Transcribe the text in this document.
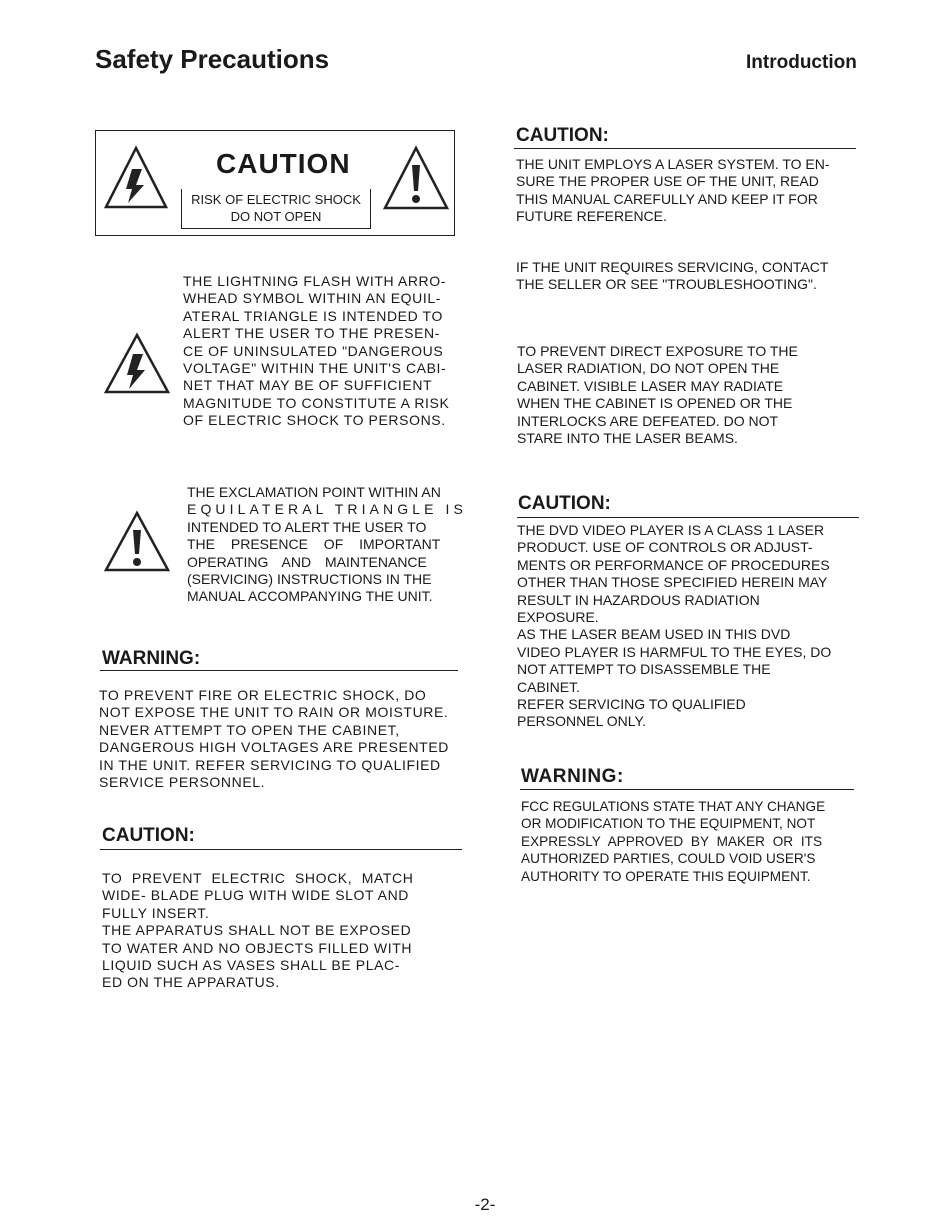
Safety Precautions	Introduction
CAUTION
RISK OF ELECTRIC SHOCK
DO NOT OPEN
THE LIGHTNING FLASH WITH ARRO-
WHEAD SYMBOL WITHIN AN EQUIL-
ATERAL TRIANGLE IS INTENDED TO
ALERT THE USER TO THE PRESEN-
CE OF UNINSULATED "DANGEROUS
VOLTAGE" WITHIN THE UNIT'S CABI-
NET THAT MAY BE OF SUFFICIENT
MAGNITUDE TO CONSTITUTE A RISK
OF ELECTRIC SHOCK TO PERSONS.
THE EXCLAMATION POINT WITHIN AN
EQUILATERAL TRIANGLE IS
INTENDED TO ALERT THE USER TO
THE PRESENCE OF IMPORTANT
OPERATING AND MAINTENANCE
(SERVICING) INSTRUCTIONS IN THE
MANUAL ACCOMPANYING THE UNIT.
WARNING:
TO PREVENT FIRE OR ELECTRIC SHOCK, DO
NOT EXPOSE THE UNIT TO RAIN OR MOISTURE.
NEVER ATTEMPT TO OPEN THE CABINET,
DANGEROUS HIGH VOLTAGES ARE PRESENTED
IN THE UNIT. REFER SERVICING TO QUALIFIED
SERVICE PERSONNEL.
CAUTION:
TO PREVENT ELECTRIC SHOCK, MATCH
WIDE- BLADE PLUG WITH WIDE SLOT AND
FULLY INSERT.
THE APPARATUS SHALL NOT BE EXPOSED
TO WATER AND NO OBJECTS FILLED WITH
LIQUID SUCH AS VASES SHALL BE PLAC-
ED ON THE APPARATUS.
CAUTION:
THE UNIT EMPLOYS A LASER SYSTEM. TO EN-
SURE THE PROPER USE OF THE UNIT, READ
THIS MANUAL CAREFULLY AND KEEP IT FOR
FUTURE REFERENCE.
IF THE UNIT REQUIRES SERVICING, CONTACT
THE SELLER OR SEE "TROUBLESHOOTING".
TO PREVENT DIRECT EXPOSURE TO THE
LASER RADIATION, DO NOT OPEN THE
CABINET. VISIBLE LASER MAY RADIATE
WHEN THE CABINET IS OPENED OR THE
INTERLOCKS ARE DEFEATED. DO NOT
STARE INTO THE LASER BEAMS.
CAUTION:
THE DVD VIDEO PLAYER IS A CLASS 1 LASER
PRODUCT. USE OF CONTROLS OR ADJUST-
MENTS OR PERFORMANCE OF PROCEDURES
OTHER THAN THOSE SPECIFIED HEREIN MAY
RESULT IN HAZARDOUS RADIATION
EXPOSURE.
AS THE LASER BEAM USED IN THIS DVD
VIDEO PLAYER IS HARMFUL TO THE EYES, DO
NOT ATTEMPT TO DISASSEMBLE THE
CABINET.
REFER SERVICING TO QUALIFIED
PERSONNEL ONLY.
WARNING:
FCC REGULATIONS STATE THAT ANY CHANGE
OR MODIFICATION TO THE EQUIPMENT, NOT
EXPRESSLY APPROVED BY MAKER OR ITS
AUTHORIZED PARTIES, COULD VOID USER'S
AUTHORITY TO OPERATE THIS EQUIPMENT.
-2-
